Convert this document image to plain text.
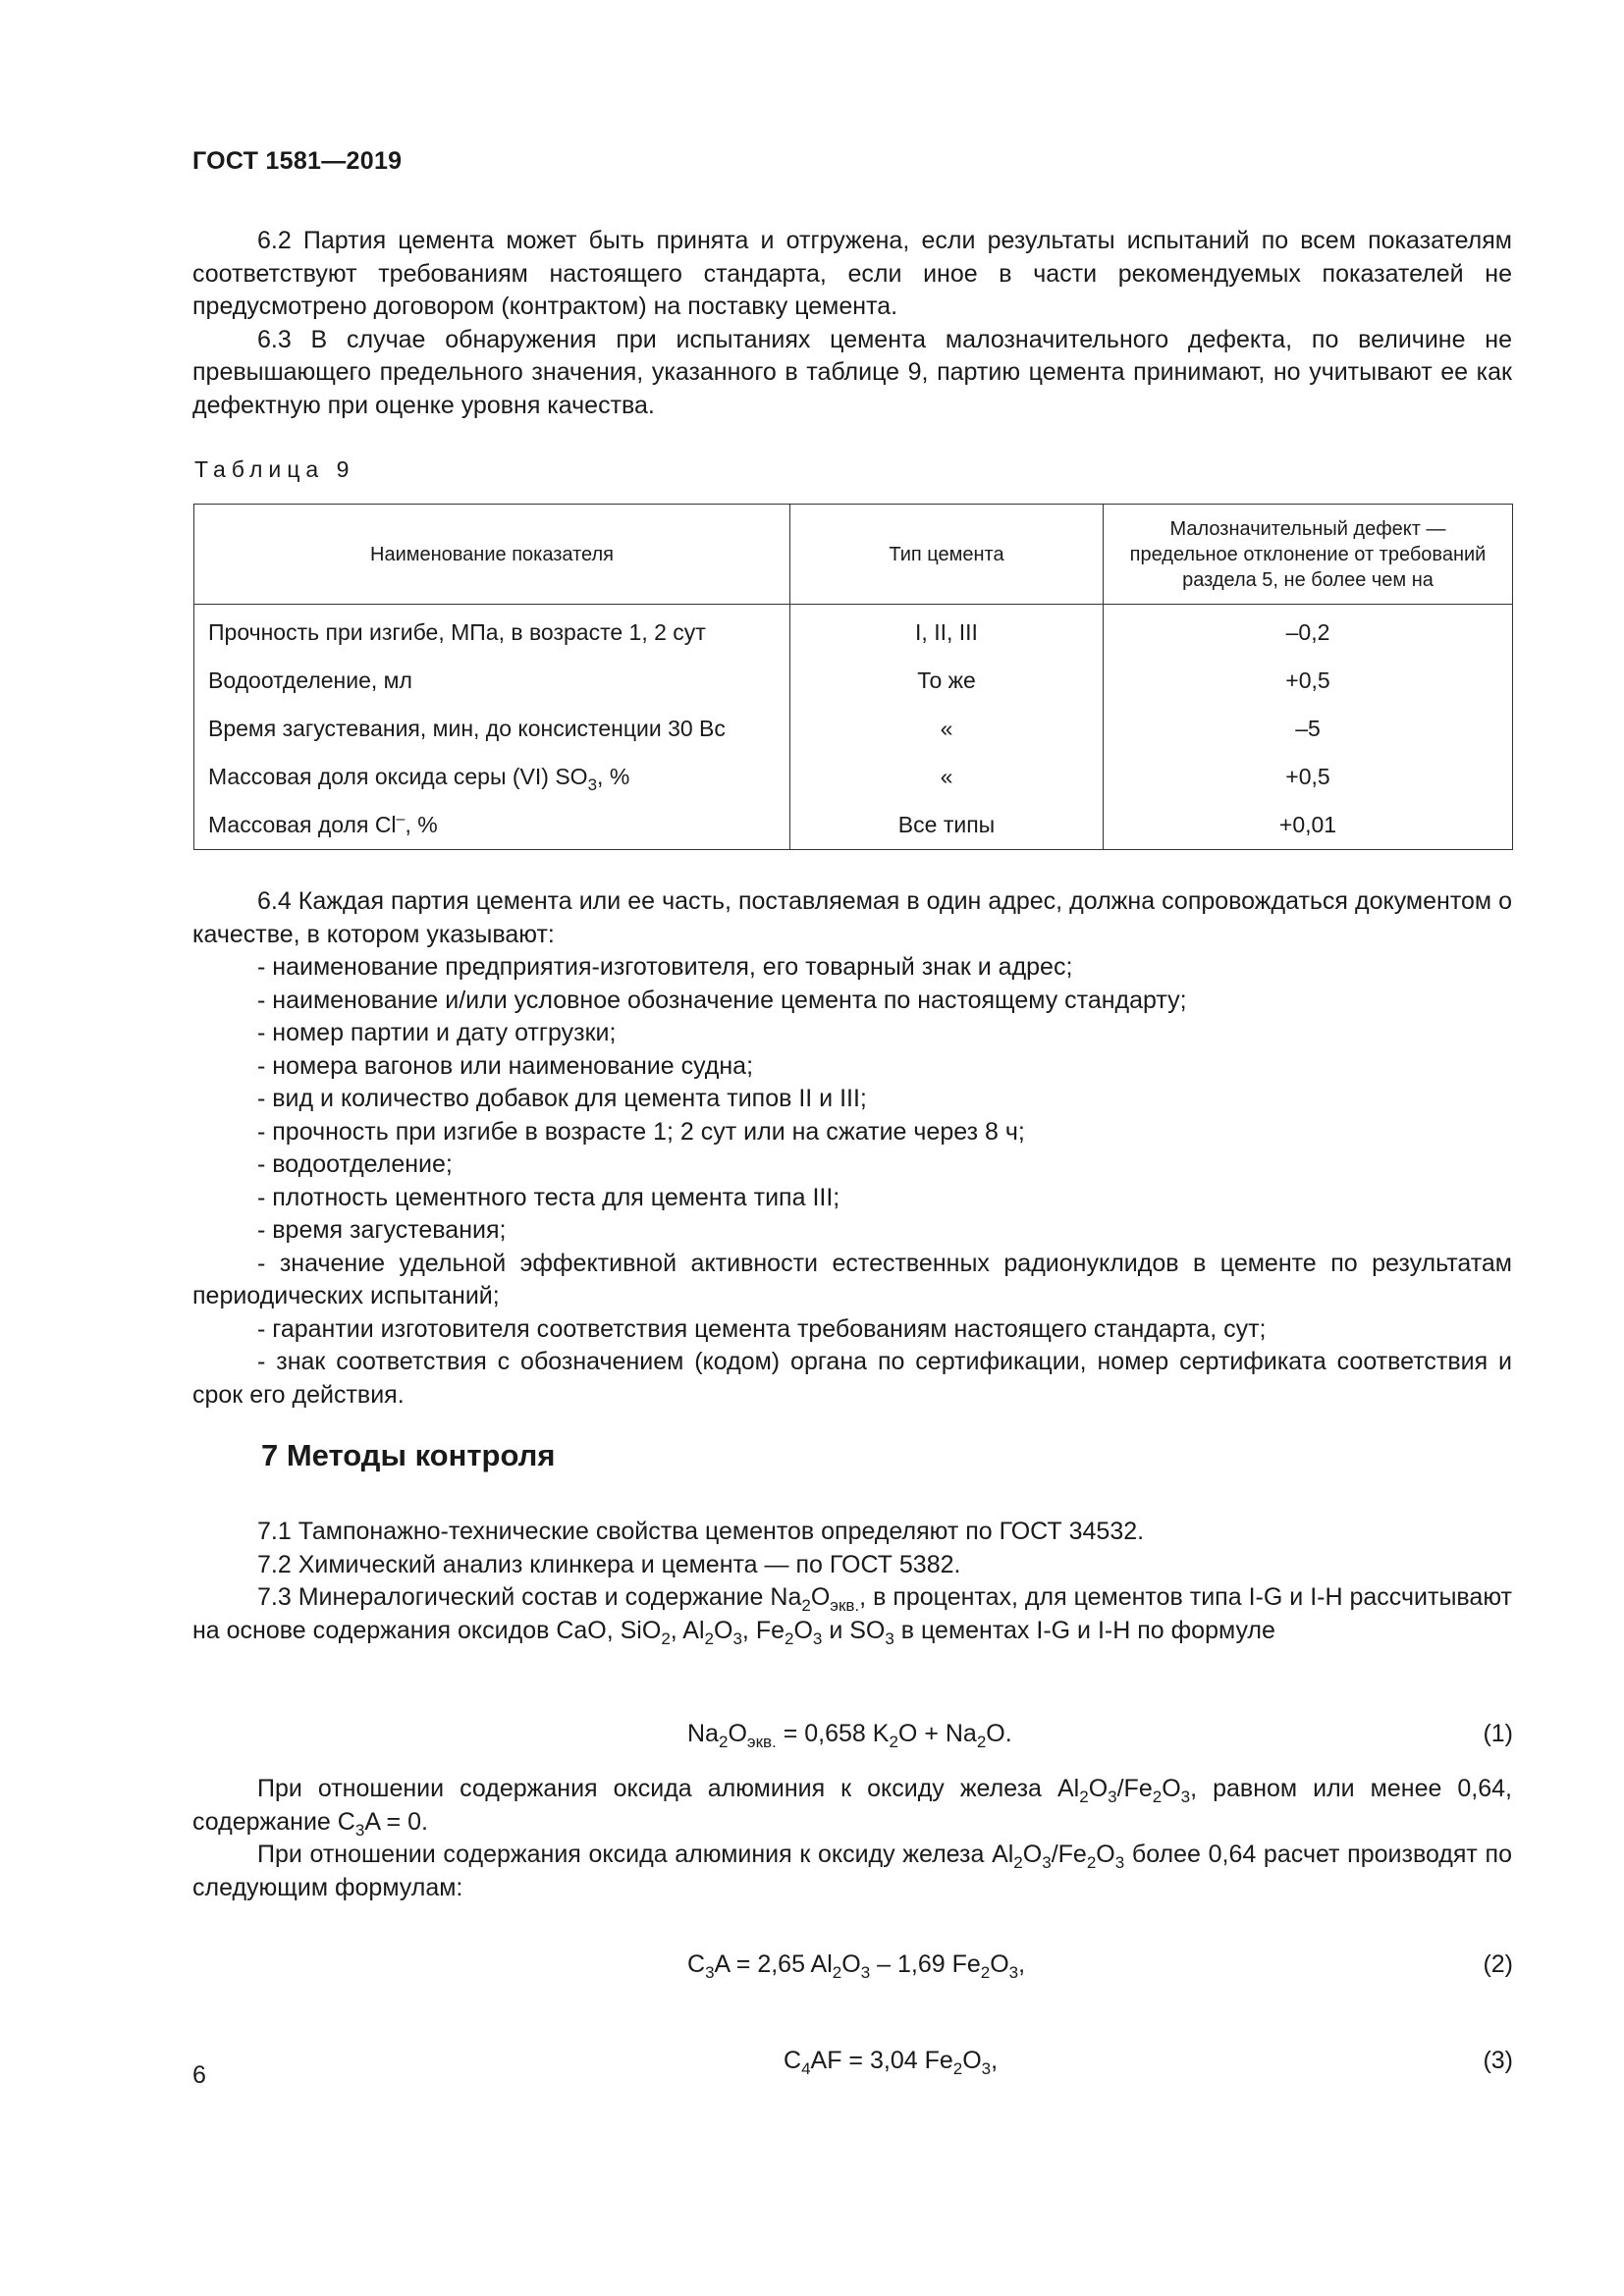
ГОСТ 1581—2019

6.2 Партия цемента может быть принята и отгружена, если результаты испытаний по всем показателям соответствуют требованиям настоящего стандарта, если иное в части рекомендуемых показателей не предусмотрено договором (контрактом) на поставку цемента.

6.3 В случае обнаружения при испытаниях цемента малозначительного дефекта, по величине не превышающего предельного значения, указанного в таблице 9, партию цемента принимают, но учитывают ее как дефектную при оценке уровня качества.

Таблица 9
Наименование показателя	Тип цемента	Малозначительный дефект — предельное отклонение от требований раздела 5, не более чем на
Прочность при изгибе, МПа, в возрасте 1, 2 сут	I, II, III	–0,2
Водоотделение, мл	То же	+0,5
Время загустевания, мин, до консистенции 30 Вс	«	–5
Массовая доля оксида серы (VI) $SO_3$, %	«	+0,5
Массовая доля Cl–, %	Все типы	+0,01

6.4 Каждая партия цемента или ее часть, поставляемая в один адрес, должна сопровождаться документом о качестве, в котором указывают:

- наименование предприятия-изготовителя, его товарный знак и адрес;
- наименование и/или условное обозначение цемента по настоящему стандарту;
- номер партии и дату отгрузки;
- номера вагонов или наименование судна;
- вид и количество добавок для цемента типов II и III;
- прочность при изгибе в возрасте 1; 2 сут или на сжатие через 8 ч;
- водоотделение;
- плотность цементного теста для цемента типа III;
- время загустевания;
- значение удельной эффективной активности естественных радионуклидов в цементе по результатам периодических испытаний;
- гарантии изготовителя соответствия цемента требованиям настоящего стандарта, сут;
- знак соответствия с обозначением (кодом) органа по сертификации, номер сертификата соответствия и срок его действия.
7 Методы контроля

7.1 Тампонажно-технические свойства цементов определяют по ГОСТ 34532.

7.2 Химический анализ клинкера и цемента — по ГОСТ 5382.

7.3 Минералогический состав и содержание $Na_2O_{экв.}$, в процентах, для цементов типа I-G и I-H рассчитывают на основе содержания оксидов CaO, SiO$_2$, $Al_2O_3$, $Fe_2O_3$ и $SO_3$ в цементах I-G и I-H по формуле

$Na_2O_{экв.} = 0,658$ $K_2O + Na_2O$.	(1)

При отношении содержания оксида алюминия к оксиду железа $Al_2O_3/Fe_2O_3$, равном или менее 0,64, содержание $C_3A = 0$.

При отношении содержания оксида алюминия к оксиду железа $Al_2O_3/Fe_2O_3$ более 0,64 расчет производят по следующим формулам:

$C_3A = 2,65$ $Al_2O_3 - 1,69$ $Fe_2O_3$,	(2)
$C_4AF = 3,04$ $Fe_2O_3$,	(3)
6
